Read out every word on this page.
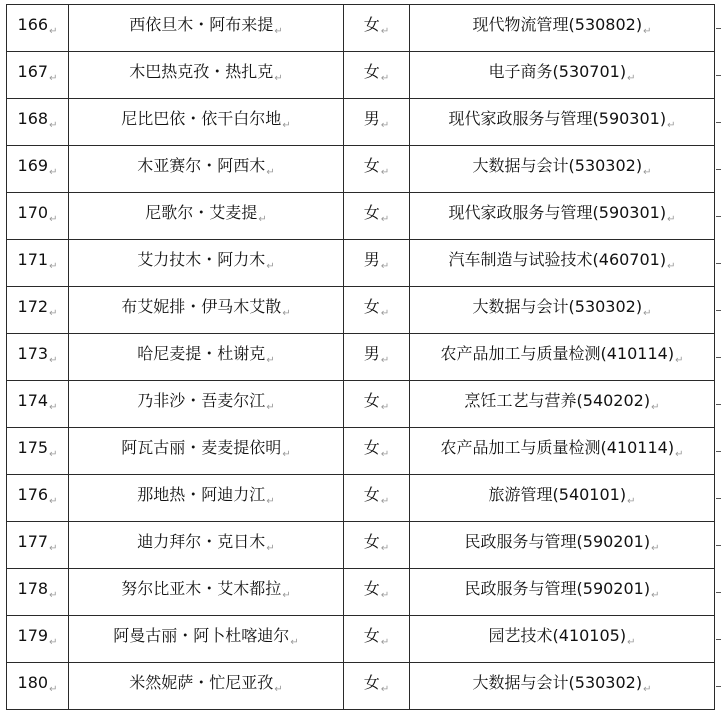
$166_↵$	西依旦木・阿布来提$_↵$	女$_↵$	现代物流管理$(530802)_↵$
$167_↵$	木巴热克孜・热扎克$_↵$	女$_↵$	电子商务$(530701)_↵$
$168_↵$	尼比巴依・依干白尔地$_↵$	男$_↵$	现代家政服务与管理$(590301)_↵$
$169_↵$	木亚赛尔・阿西木$_↵$	女$_↵$	大数据与会计$(530302)_↵$
$170_↵$	尼歌尔・艾麦提$_↵$	女$_↵$	现代家政服务与管理$(590301)_↵$
$171_↵$	艾力扙木・阿力木$_↵$	男$_↵$	汽车制造与试验技术$(460701)_↵$
$172_↵$	布艾妮排・伊马木艾散$_↵$	女$_↵$	大数据与会计$(530302)_↵$
$173_↵$	哈尼麦提・杜谢克$_↵$	男$_↵$	农产品加工与质量检测$(410114)_↵$
$174_↵$	乃非沙・吾麦尔江$_↵$	女$_↵$	烹饪工艺与营养$(540202)_↵$
$175_↵$	阿瓦古丽・麦麦提依明$_↵$	女$_↵$	农产品加工与质量检测$(410114)_↵$
$176_↵$	那地热・阿迪力江$_↵$	女$_↵$	旅游管理$(540101)_↵$
$177_↵$	迪力拜尔・克日木$_↵$	女$_↵$	民政服务与管理$(590201)_↵$
$178_↵$	努尔比亚木・艾木都拉$_↵$	女$_↵$	民政服务与管理$(590201)_↵$
$179_↵$	阿曼古丽・阿卜杜喀迪尔$_↵$	女$_↵$	园艺技术$(410105)_↵$
$180_↵$	米然妮萨・忙尼亚孜$_↵$	女$_↵$	大数据与会计$(530302)_↵$
